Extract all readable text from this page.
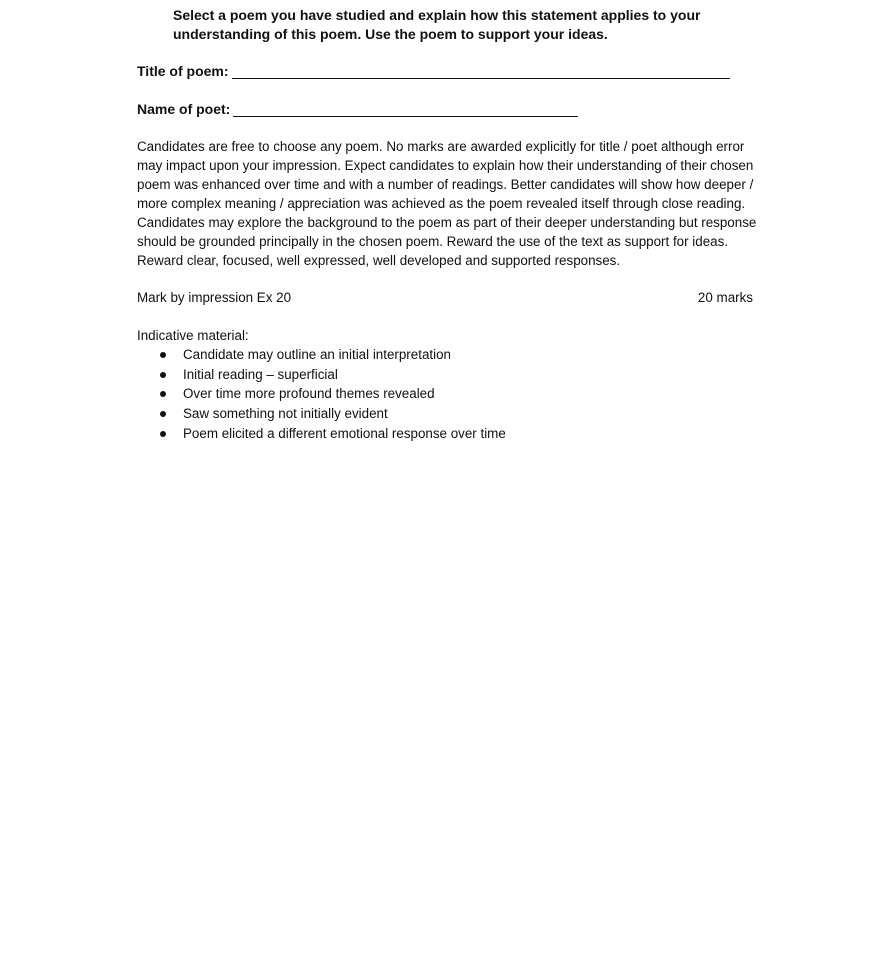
Select a poem you have studied and explain how this statement applies to your understanding of this poem. Use the poem to support your ideas.
Title of poem:
Name of poet:
Candidates are free to choose any poem. No marks are awarded explicitly for title / poet although error may impact upon your impression. Expect candidates to explain how their understanding of their chosen poem was enhanced over time and with a number of readings. Better candidates will show how deeper / more complex meaning / appreciation was achieved as the poem revealed itself through close reading. Candidates may explore the background to the poem as part of their deeper understanding but response should be grounded principally in the chosen poem. Reward the use of the text as support for ideas. Reward clear, focused, well expressed, well developed and supported responses.
Mark by impression Ex 20	20 marks
Indicative material:
Candidate may outline an initial interpretation
Initial reading – superficial
Over time more profound themes revealed
Saw something not initially evident
Poem elicited a different emotional response over time
